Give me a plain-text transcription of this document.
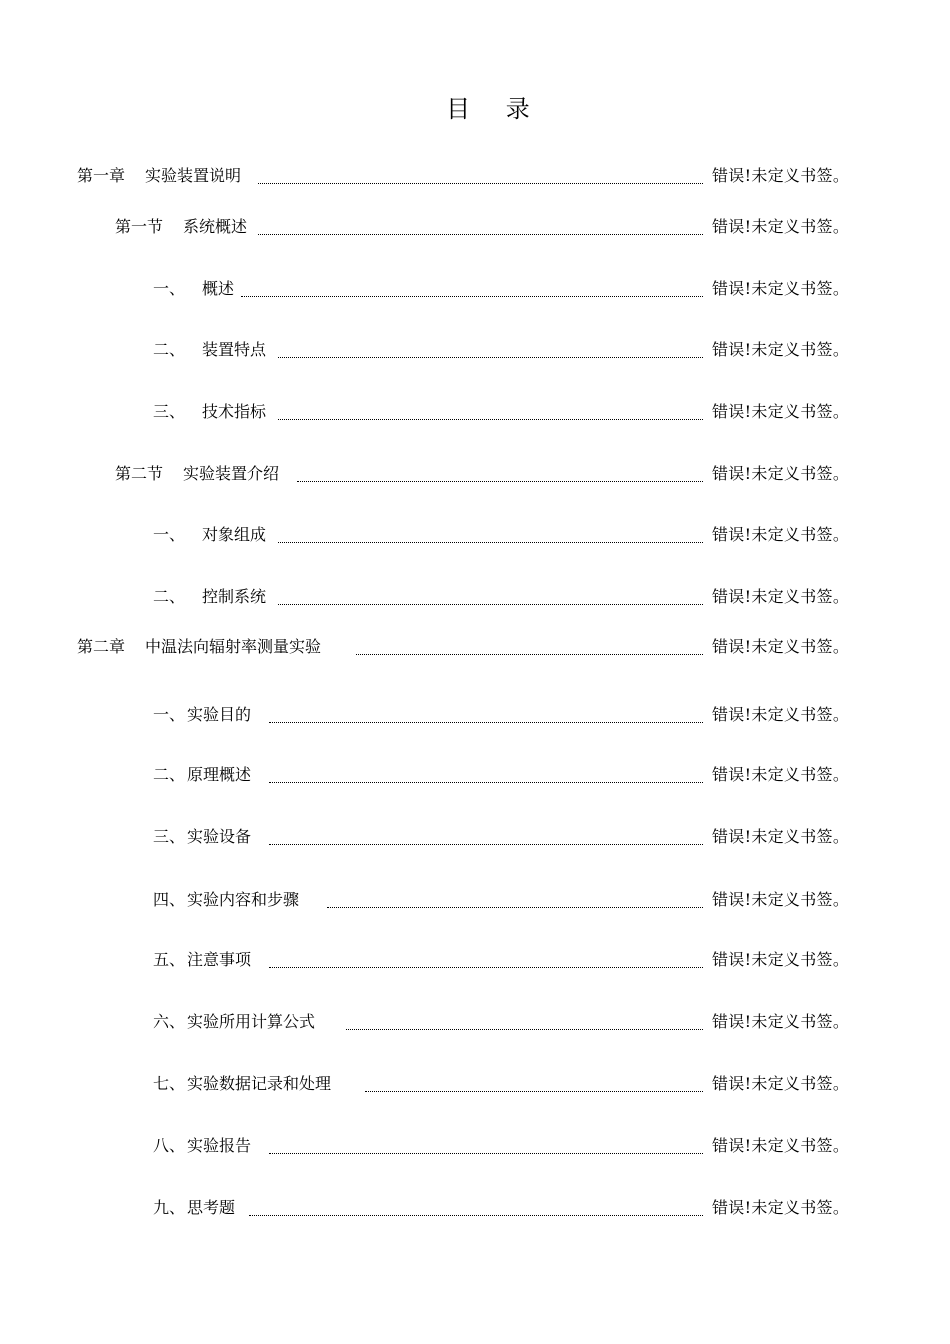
目 录
第一章 实验装置说明	错误!未定义书签。
第一节 系统概述	错误!未定义书签。
一、 概述	错误!未定义书签。
二、 装置特点	错误!未定义书签。
三、 技术指标	错误!未定义书签。
第二节 实验装置介绍	错误!未定义书签。
一、 对象组成	错误!未定义书签。
二、 控制系统	错误!未定义书签。
第二章 中温法向辐射率测量实验	错误!未定义书签。
一、 实验目的	错误!未定义书签。
二、 原理概述	错误!未定义书签。
三、 实验设备	错误!未定义书签。
四、 实验内容和步骤	错误!未定义书签。
五、 注意事项	错误!未定义书签。
六、 实验所用计算公式	错误!未定义书签。
七、 实验数据记录和处理	错误!未定义书签。
八、 实验报告	错误!未定义书签。
九、 思考题	错误!未定义书签。
